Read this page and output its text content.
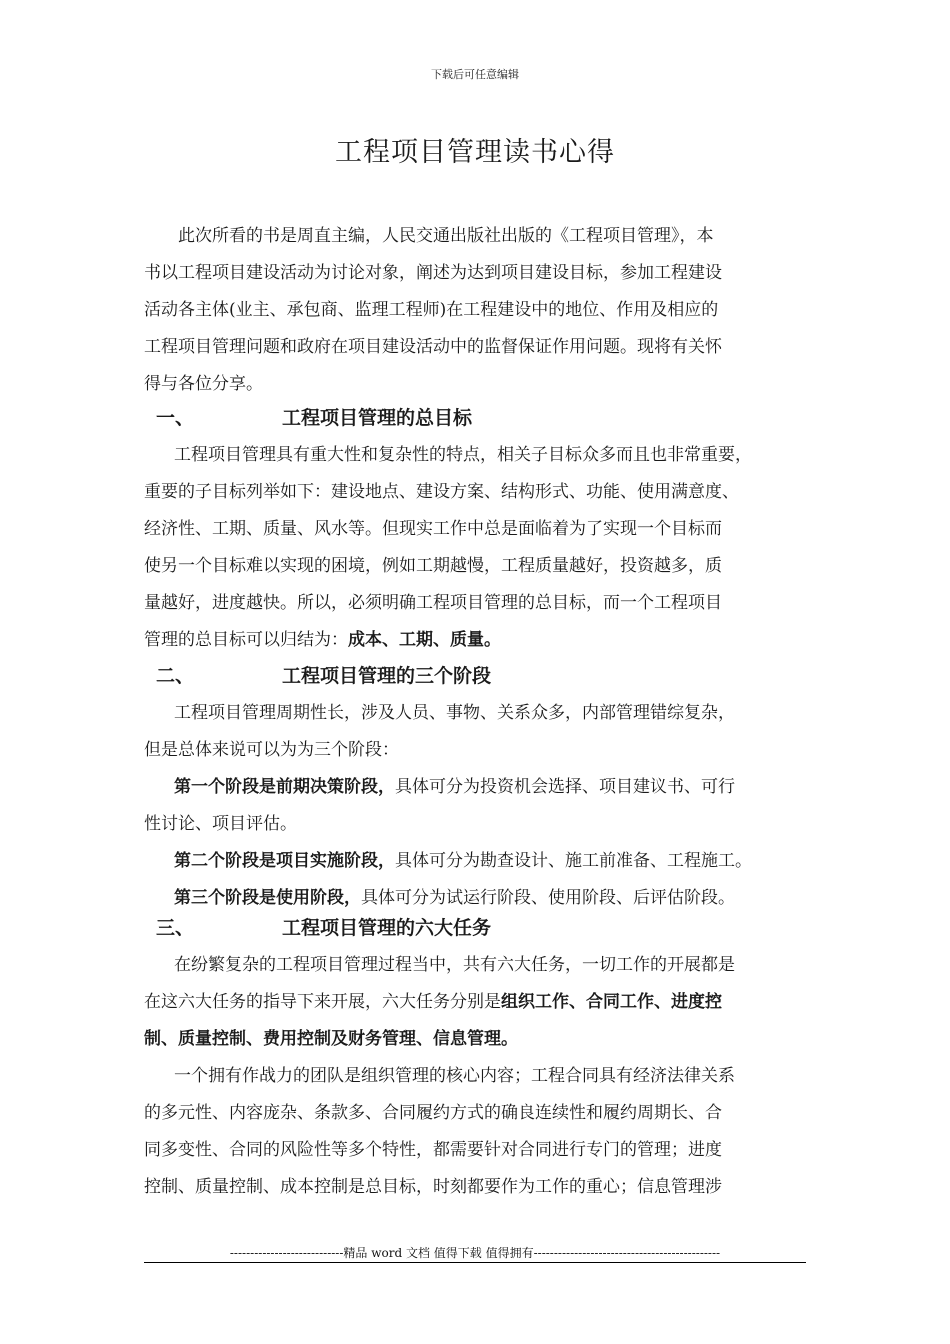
下载后可任意编辑
工程项目管理读书心得

此次所看的书是周直主编，人民交通出版社出版的《工程项目管理》，本

书以工程项目建设活动为讨论对象，阐述为达到项目建设目标，参加工程建设

活动各主体(业主、承包商、监理工程师)在工程建设中的地位、作用及相应的

工程项目管理问题和政府在项目建设活动中的监督保证作用问题。现将有关怀

得与各位分享。

一、	工程项目管理的总目标

工程项目管理具有重大性和复杂性的特点，相关子目标众多而且也非常重要，

重要的子目标列举如下：建设地点、建设方案、结构形式、功能、使用满意度、

经济性、工期、质量、风水等。但现实工作中总是面临着为了实现一个目标而

使另一个目标难以实现的困境，例如工期越慢，工程质量越好，投资越多，质

量越好，进度越快。所以，必须明确工程项目管理的总目标，而一个工程项目

管理的总目标可以归结为：成本、工期、质量。

二、	工程项目管理的三个阶段

工程项目管理周期性长，涉及人员、事物、关系众多，内部管理错综复杂，

但是总体来说可以为为三个阶段：

第一个阶段是前期决策阶段，具体可分为投资机会选择、项目建议书、可行

性讨论、项目评估。

第二个阶段是项目实施阶段，具体可分为勘查设计、施工前准备、工程施工。

第三个阶段是使用阶段，具体可分为试运行阶段、使用阶段、后评估阶段。

三、	工程项目管理的六大任务

在纷繁复杂的工程项目管理过程当中，共有六大任务，一切工作的开展都是

在这六大任务的指导下来开展，六大任务分别是组织工作、合同工作、进度控

制、质量控制、费用控制及财务管理、信息管理。

一个拥有作战力的团队是组织管理的核心内容；工程合同具有经济法律关系

的多元性、内容庞杂、条款多、合同履约方式的确良连续性和履约周期长、合

同多变性、合同的风险性等多个特性，都需要针对合同进行专门的管理；进度

控制、质量控制、成本控制是总目标，时刻都要作为工作的重心；信息管理涉

----------------------------精品 word 文档 值得下载 值得拥有----------------------------------------------
